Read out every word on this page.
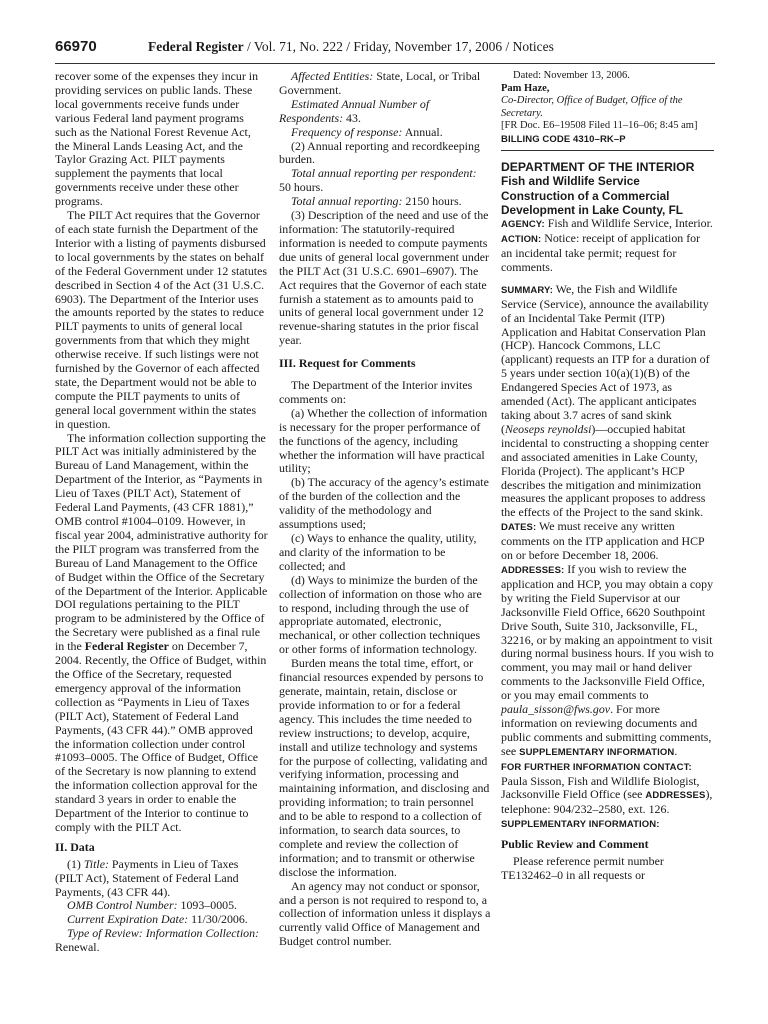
66970	Federal Register / Vol. 71, No. 222 / Friday, November 17, 2006 / Notices

recover some of the expenses they incur in providing services on public lands. These local governments receive funds under various Federal land payment programs such as the National Forest Revenue Act, the Mineral Lands Leasing Act, and the Taylor Grazing Act. PILT payments supplement the payments that local governments receive under these other programs.

The PILT Act requires that the Governor of each state furnish the Department of the Interior with a listing of payments disbursed to local governments by the states on behalf of the Federal Government under 12 statutes described in Section 4 of the Act (31 U.S.C. 6903). The Department of the Interior uses the amounts reported by the states to reduce PILT payments to units of general local governments from that which they might otherwise receive. If such listings were not furnished by the Governor of each affected state, the Department would not be able to compute the PILT payments to units of general local government within the states in question.

The information collection supporting the PILT Act was initially administered by the Bureau of Land Management, within the Department of the Interior, as “Payments in Lieu of Taxes (PILT Act), Statement of Federal Land Payments, (43 CFR 1881),” OMB control #1004–0109. However, in fiscal year 2004, administrative authority for the PILT program was transferred from the Bureau of Land Management to the Office of Budget within the Office of the Secretary of the Department of the Interior. Applicable DOI regulations pertaining to the PILT program to be administered by the Office of the Secretary were published as a final rule in the Federal Register on December 7, 2004. Recently, the Office of Budget, within the Office of the Secretary, requested emergency approval of the information collection as “Payments in Lieu of Taxes (PILT Act), Statement of Federal Land Payments, (43 CFR 44).” OMB approved the information collection under control #1093–0005. The Office of Budget, Office of the Secretary is now planning to extend the information collection approval for the standard 3 years in order to enable the Department of the Interior to continue to comply with the PILT Act.

II. Data

(1) Title: Payments in Lieu of Taxes (PILT Act), Statement of Federal Land Payments, (43 CFR 44).

OMB Control Number: 1093–0005.

Current Expiration Date: 11/30/2006.

Type of Review: Information Collection: Renewal.

Affected Entities: State, Local, or Tribal Government.

Estimated Annual Number of Respondents: 43.

Frequency of response: Annual.

(2) Annual reporting and recordkeeping burden.

Total annual reporting per respondent: 50 hours.

Total annual reporting: 2150 hours.

(3) Description of the need and use of the information: The statutorily-required information is needed to compute payments due units of general local government under the PILT Act (31 U.S.C. 6901–6907). The Act requires that the Governor of each state furnish a statement as to amounts paid to units of general local government under 12 revenue-sharing statutes in the prior fiscal year.

III. Request for Comments

The Department of the Interior invites comments on:

(a) Whether the collection of information is necessary for the proper performance of the functions of the agency, including whether the information will have practical utility;

(b) The accuracy of the agency’s estimate of the burden of the collection and the validity of the methodology and assumptions used;

(c) Ways to enhance the quality, utility, and clarity of the information to be collected; and

(d) Ways to minimize the burden of the collection of information on those who are to respond, including through the use of appropriate automated, electronic, mechanical, or other collection techniques or other forms of information technology.

Burden means the total time, effort, or financial resources expended by persons to generate, maintain, retain, disclose or provide information to or for a federal agency. This includes the time needed to review instructions; to develop, acquire, install and utilize technology and systems for the purpose of collecting, validating and verifying information, processing and maintaining information, and disclosing and providing information; to train personnel and to be able to respond to a collection of information, to search data sources, to complete and review the collection of information; and to transmit or otherwise disclose the information.

An agency may not conduct or sponsor, and a person is not required to respond to, a collection of information unless it displays a currently valid Office of Management and Budget control number.

Dated: November 13, 2006.

Pam Haze,

Co-Director, Office of Budget, Office of the Secretary.

[FR Doc. E6–19508 Filed 11–16–06; 8:45 am]

BILLING CODE 4310–RK–P

DEPARTMENT OF THE INTERIOR

Fish and Wildlife Service

Construction of a Commercial Development in Lake County, FL

AGENCY: Fish and Wildlife Service, Interior.

ACTION: Notice: receipt of application for an incidental take permit; request for comments.

SUMMARY: We, the Fish and Wildlife Service (Service), announce the availability of an Incidental Take Permit (ITP) Application and Habitat Conservation Plan (HCP). Hancock Commons, LLC (applicant) requests an ITP for a duration of 5 years under section 10(a)(1)(B) of the Endangered Species Act of 1973, as amended (Act). The applicant anticipates taking about 3.7 acres of sand skink (Neoseps reynoldsi)—occupied habitat incidental to constructing a shopping center and associated amenities in Lake County, Florida (Project). The applicant’s HCP describes the mitigation and minimization measures the applicant proposes to address the effects of the Project to the sand skink.

DATES: We must receive any written comments on the ITP application and HCP on or before December 18, 2006.

ADDRESSES: If you wish to review the application and HCP, you may obtain a copy by writing the Field Supervisor at our Jacksonville Field Office, 6620 Southpoint Drive South, Suite 310, Jacksonville, FL, 32216, or by making an appointment to visit during normal business hours. If you wish to comment, you may mail or hand deliver comments to the Jacksonville Field Office, or you may email comments to paula_sisson@fws.gov. For more information on reviewing documents and public comments and submitting comments, see SUPPLEMENTARY INFORMATION.

FOR FURTHER INFORMATION CONTACT: Paula Sisson, Fish and Wildlife Biologist, Jacksonville Field Office (see ADDRESSES), telephone: 904/232–2580, ext. 126.

SUPPLEMENTARY INFORMATION:

Public Review and Comment

Please reference permit number TE132462–0 in all requests or
